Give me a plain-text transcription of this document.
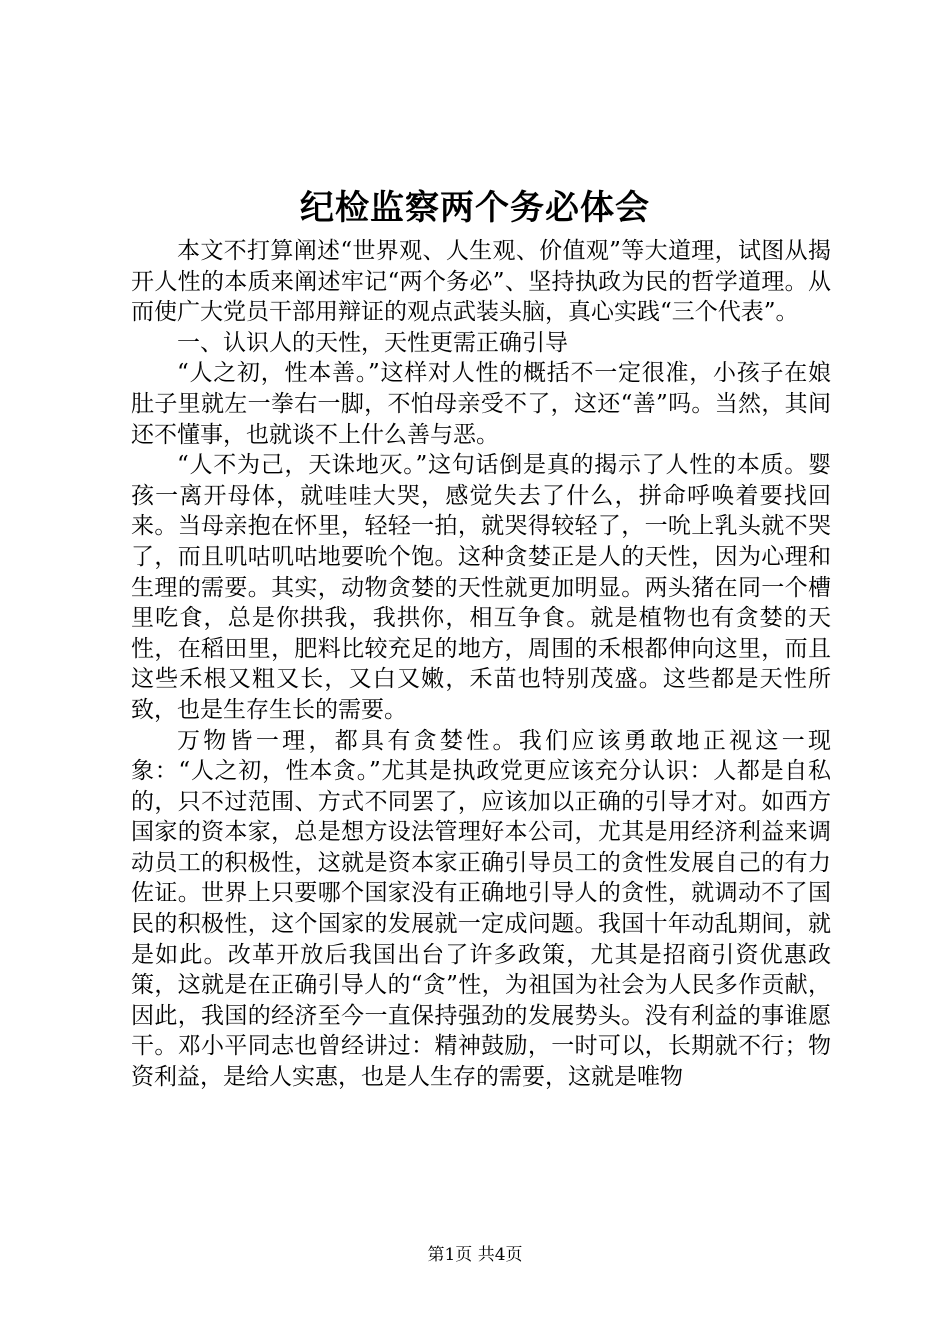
纪检监察两个务必体会

本文不打算阐述“世界观、人生观、价值观”等大道理，试图从揭开人性的本质来阐述牢记“两个务必”、坚持执政为民的哲学道理。从而使广大党员干部用辩证的观点武装头脑，真心实践“三个代表”。

一、认识人的天性，天性更需正确引导

“人之初，性本善。”这样对人性的概括不一定很准，小孩子在娘肚子里就左一拳右一脚，不怕母亲受不了，这还“善”吗。当然，其间还不懂事，也就谈不上什么善与恶。

“人不为己，天诛地灭。”这句话倒是真的揭示了人性的本质。婴孩一离开母体，就哇哇大哭，感觉失去了什么，拼命呼唤着要找回来。当母亲抱在怀里，轻轻一拍，就哭得较轻了，一吮上乳头就不哭了，而且叽咕叽咕地要吮个饱。这种贪婪正是人的天性，因为心理和生理的需要。其实，动物贪婪的天性就更加明显。两头猪在同一个槽里吃食，总是你拱我，我拱你，相互争食。就是植物也有贪婪的天性，在稻田里，肥料比较充足的地方，周围的禾根都伸向这里，而且这些禾根又粗又长，又白又嫩，禾苗也特别茂盛。这些都是天性所致，也是生存生长的需要。

万物皆一理，都具有贪婪性。我们应该勇敢地正视这一现象：“人之初，性本贪。”尤其是执政党更应该充分认识：人都是自私的，只不过范围、方式不同罢了，应该加以正确的引导才对。如西方国家的资本家，总是想方设法管理好本公司，尤其是用经济利益来调动员工的积极性，这就是资本家正确引导员工的贪性发展自己的有力佐证。世界上只要哪个国家没有正确地引导人的贪性，就调动不了国民的积极性，这个国家的发展就一定成问题。我国十年动乱期间，就是如此。改革开放后我国出台了许多政策，尤其是招商引资优惠政策，这就是在正确引导人的“贪”性，为祖国为社会为人民多作贡献，因此，我国的经济至今一直保持强劲的发展势头。没有利益的事谁愿干。邓小平同志也曾经讲过：精神鼓励，一时可以，长期就不行；物资利益，是给人实惠，也是人生存的需要，这就是唯物

第1页 共4页
